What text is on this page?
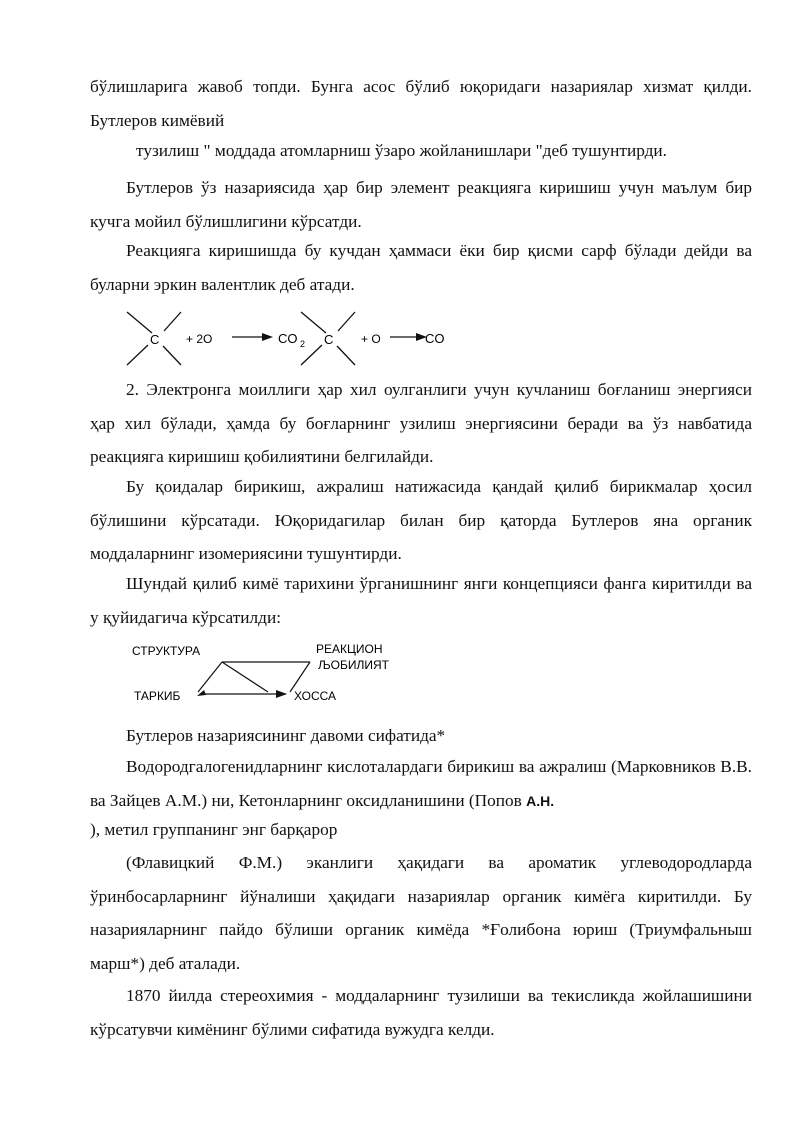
бўлишларига жавоб топди. Бунга асос бўлиб юқоридаги назариялар хизмат қилди. Бутлеров кимёвий

тузилиш " моддада атомларниш ўзаро жойланишлари "деб тушунтирди.

Бутлеров ўз назариясида ҳар бир элемент реакцияга киришиш учун маълум бир кучга мойил бўлишлигини кўрсатди.

Реакцияга киришишда бу кучдан ҳаммаси ёки бир қисми сарф бўлади дейди ва буларни эркин валентлик деб атади.

C + 2O	CO 2 C + O	CO

2. Электронга моиллиги ҳар хил оулганлиги учун кучланиш боғланиш энергияси ҳар хил бўлади, ҳамда бу боғларнинг узилиш энергиясини беради ва ўз навбатида реакцияга киришиш қобилиятини белгилайди.

Бу қоидалар бирикиш, ажралиш натижасида қандай қилиб бирикмалар ҳосил бўлишини кўрсатади. Юқоридагилар билан бир қаторда Бутлеров яна органик моддаларнинг изомериясини тушунтирди.

Шундай қилиб кимё тарихини ўрганишнинг янги концепцияси фанга киритилди ва у қуйидагича кўрсатилди:

СТРУКТУРА	РЕАКЦИОН
ЉОБИЛИЯТ
ТАРКИБ	ХОССА

Бутлеров назариясининг давоми сифатида*

Водородгалогенидларнинг кислоталардаги бирикиш ва ажралиш (Марковников В.В. ва Зайцев А.М.) ни, Кетонларнинг оксидланишини (Попов А.Н.

), метил группанинг энг барқарор

(Флавицкий Ф.М.) эканлиги ҳақидаги ва ароматик углеводородларда ўринбосарларнинг йўналиши ҳақидаги назариялар органик кимёга киритилди. Бу назарияларнинг пайдо бўлиши органик кимёда *Ғолибона юриш (Триумфальныш марш*) деб аталади.

1870 йилда стереохимия - моддаларнинг тузилиши ва текисликда жойлашишини кўрсатувчи кимёнинг бўлими сифатида вужудга келди.
